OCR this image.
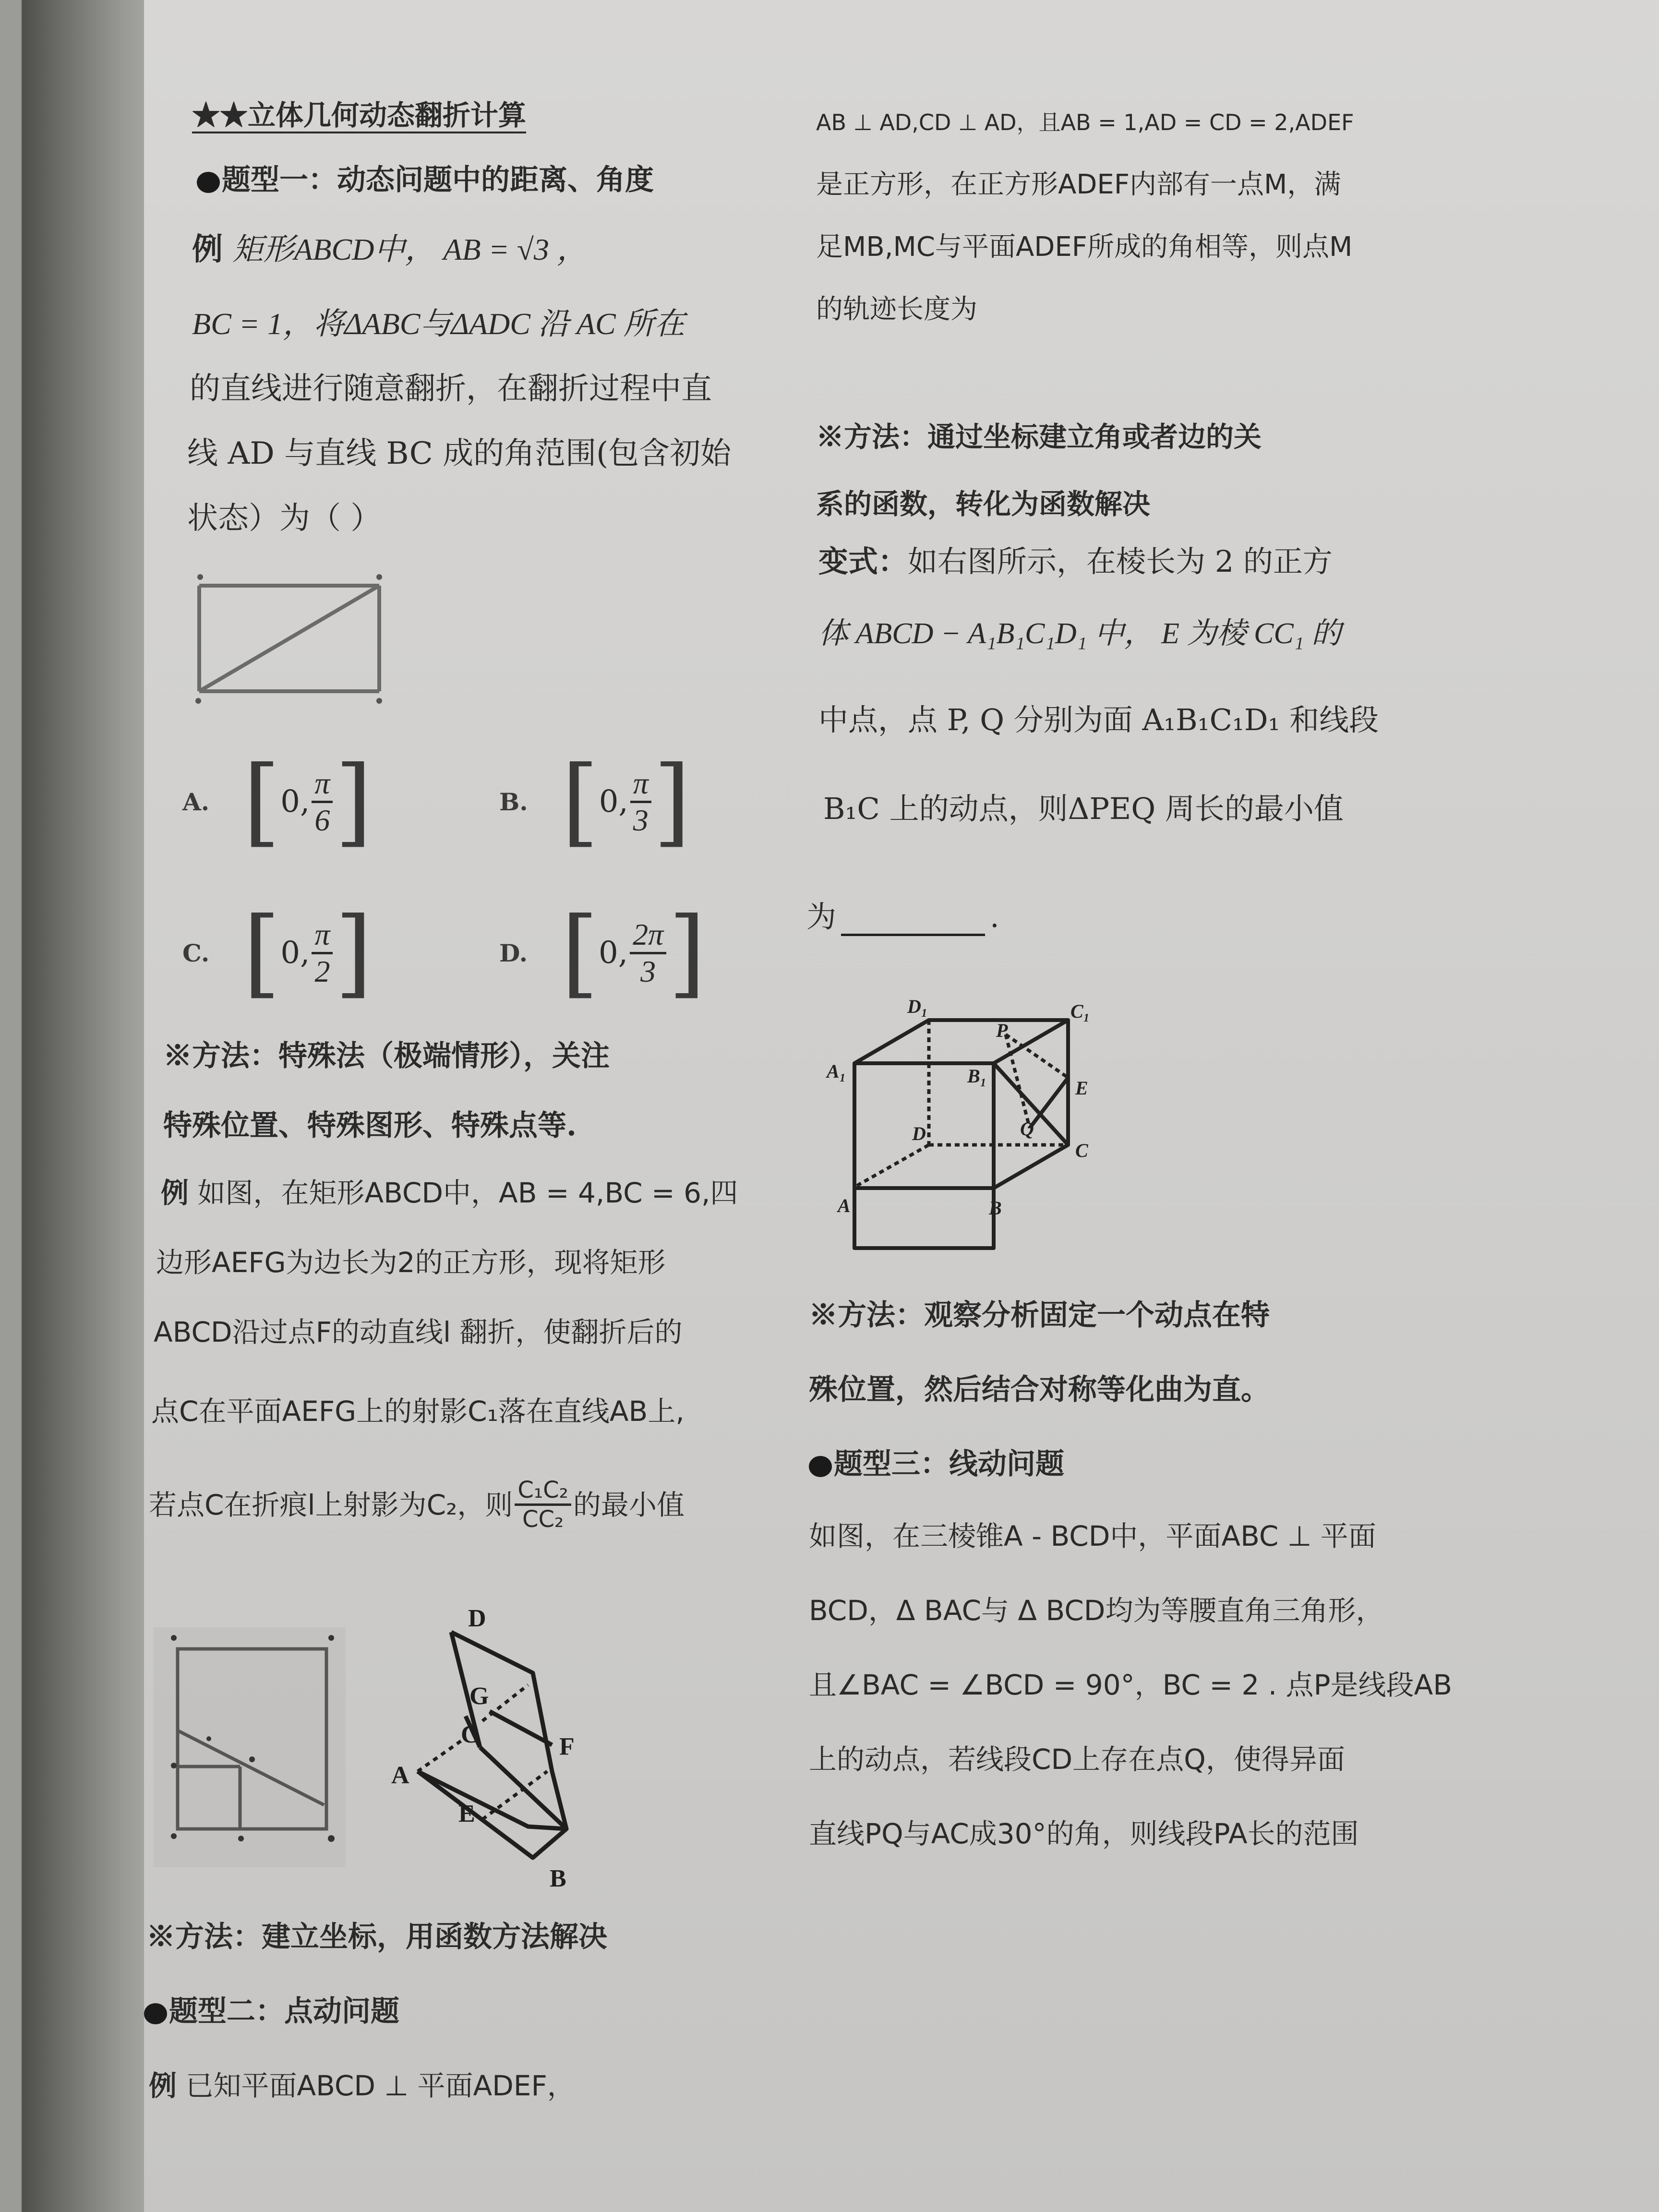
★★立体几何动态翻折计算
题型一：动态问题中的距离、角度
例 矩形ABCD中， AB = √3 ，
BC = 1，将ΔABC与ΔADC 沿 AC 所在
的直线进行随意翻折，在翻折过程中直
线 AD 与直线 BC 成的角范围(包含初始
状态）为（ ）
A. [ 0, $\frac{\pi}{6}$ ]	B. [ 0, $\frac{\pi}{3}$ ]
C. [ 0, $\frac{\pi}{2}$ ]	D. [ 0, $\frac{2\pi}{3}$ ]
※方法：特殊法（极端情形），关注
特殊位置、特殊图形、特殊点等.
例 如图，在矩形ABCD中，AB = 4,BC = 6,四
边形AEFG为边长为2的正方形，现将矩形
ABCD沿过点F的动直线l 翻折，使翻折后的
点C在平面AEFG上的射影C₁落在直线AB上,
若点C在折痕l上射影为C₂，则 $\frac{\text{C₁C₂}}{\text{CC₂}}$ 的最小值
D
G
C	F
A
E
B
※方法：建立坐标，用函数方法解决
题型二：点动问题
例 已知平面ABCD ⊥ 平面ADEF，
AB ⊥ AD,CD ⊥ AD，且AB = 1,AD = CD = 2,ADEF
是正方形，在正方形ADEF内部有一点M，满
足MB,MC与平面ADEF所成的角相等，则点M
的轨迹长度为
※方法：通过坐标建立角或者边的关
系的函数，转化为函数解决
变式：如右图所示，在棱长为 2 的正方
体 ABCD − A₁B₁C₁D₁ 中， E 为棱 CC₁ 的
中点，点 P, Q 分别为面 A₁B₁C₁D₁ 和线段
B₁C 上的动点，则ΔPEQ 周长的最小值
为	.
D₁	C₁
A₁	B₁
P
E
Q
D
C
A	B
※方法：观察分析固定一个动点在特
殊位置，然后结合对称等化曲为直。
题型三：线动问题
如图，在三棱锥A - BCD中，平面ABC ⊥ 平面
BCD，Δ BAC与 Δ BCD均为等腰直角三角形，
且∠BAC = ∠BCD = 90°，BC = 2 . 点P是线段AB
上的动点，若线段CD上存在点Q，使得异面
直线PQ与AC成30°的角，则线段PA长的范围
